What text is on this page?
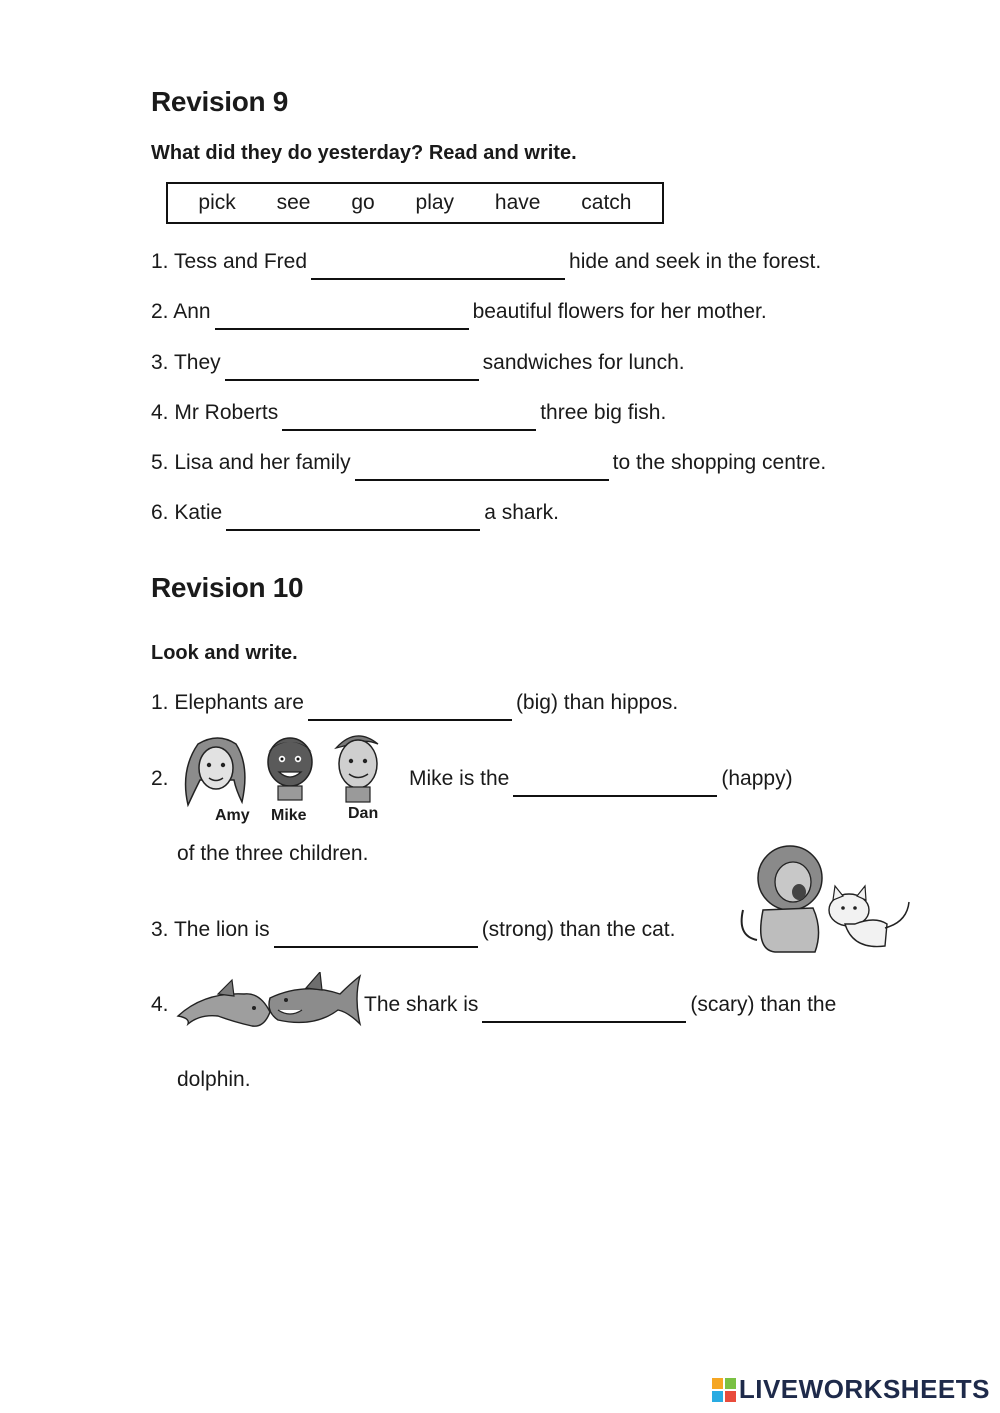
Revision 9
What did they do yesterday? Read and write.
pick see go play have catch
1. Tess and Fred	hide and seek in the forest.
2. Ann	beautiful flowers for her mother.
3. They	sandwiches for lunch.
4. Mr Roberts	three big fish.
5. Lisa and her family	to the shopping centre.
6. Katie	a shark.
Revision 10
Look and write.
1. Elephants are	(big) than hippos.
2.
Amy Mike	Dan
Mike is the	(happy)
of the three children.
3. The lion is	(strong) than the cat.
4.	The shark is	(scary) than the
dolphin.
LIVEWORKSHEETS
